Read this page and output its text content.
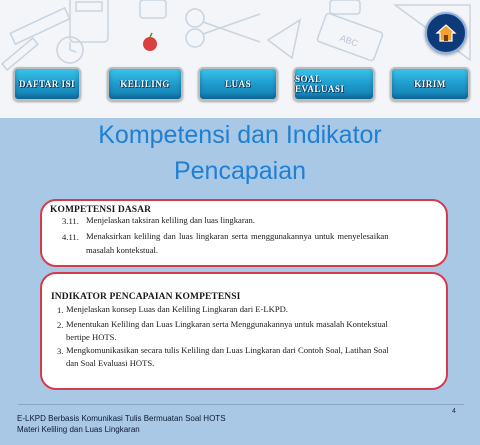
ABC
DAFTAR ISI	KELILING	LUAS	SOAL EVALUASI	KIRIM
Kompetensi dan Indikator
Pencapaian
KOMPETENSI DASAR
3.11. Menjelaskan taksiran keliling dan luas lingkaran.
4.11. Menaksirkan keliling dan luas lingkaran serta menggunakannya untuk menyelesaikan
masalah kontekstual.
INDIKATOR PENCAPAIAN KOMPETENSI
1. Menjelaskan konsep Luas dan Keliling Lingkaran dari E-LKPD.
2. Menentukan Keliling dan Luas Lingkaran serta Menggunakannya untuk masalah Kontekstual
bertipe HOTS.
3. Mengkomunikasikan secara tulis Keliling dan Luas Lingkaran dari Contoh Soal, Latihan Soal
dan Soal Evaluasi HOTS.
4
E-LKPD Berbasis Komunikasi Tulis Bermuatan Soal HOTS
Materi Keliling dan Luas Lingkaran
